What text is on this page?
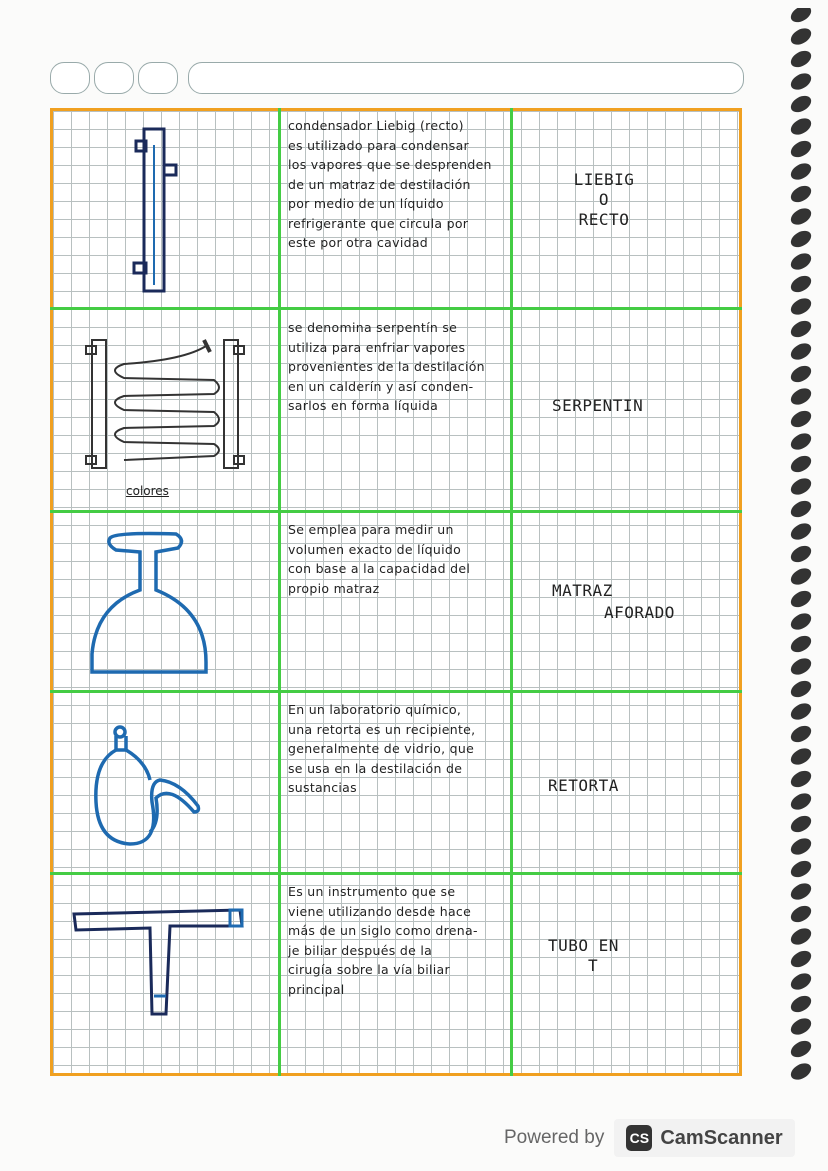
colores
condensador Liebig (recto)
es utilizado para condensar
los vapores que se desprenden
de un matraz de destilación
por medio de un líquido
refrigerante que circula por
este por otra cavidad
se denomina serpentín se
utiliza para enfriar vapores
provenientes de la destilación
en un calderín y así conden-
sarlos en forma líquida
Se emplea para medir un
volumen exacto de líquido
con base a la capacidad del
propio matraz
En un laboratorio químico,
una retorta es un recipiente,
generalmente de vidrio, que
se usa en la destilación de
sustancias
Es un instrumento que se
viene utilizando desde hace
más de un siglo como drena-
je biliar después de la
cirugía sobre la vía biliar
principal
LIEBIG
O
RECTO
SERPENTIN
MATRAZ
AFORADO
RETORTA
TUBO EN
T
Powered by CS CamScanner
